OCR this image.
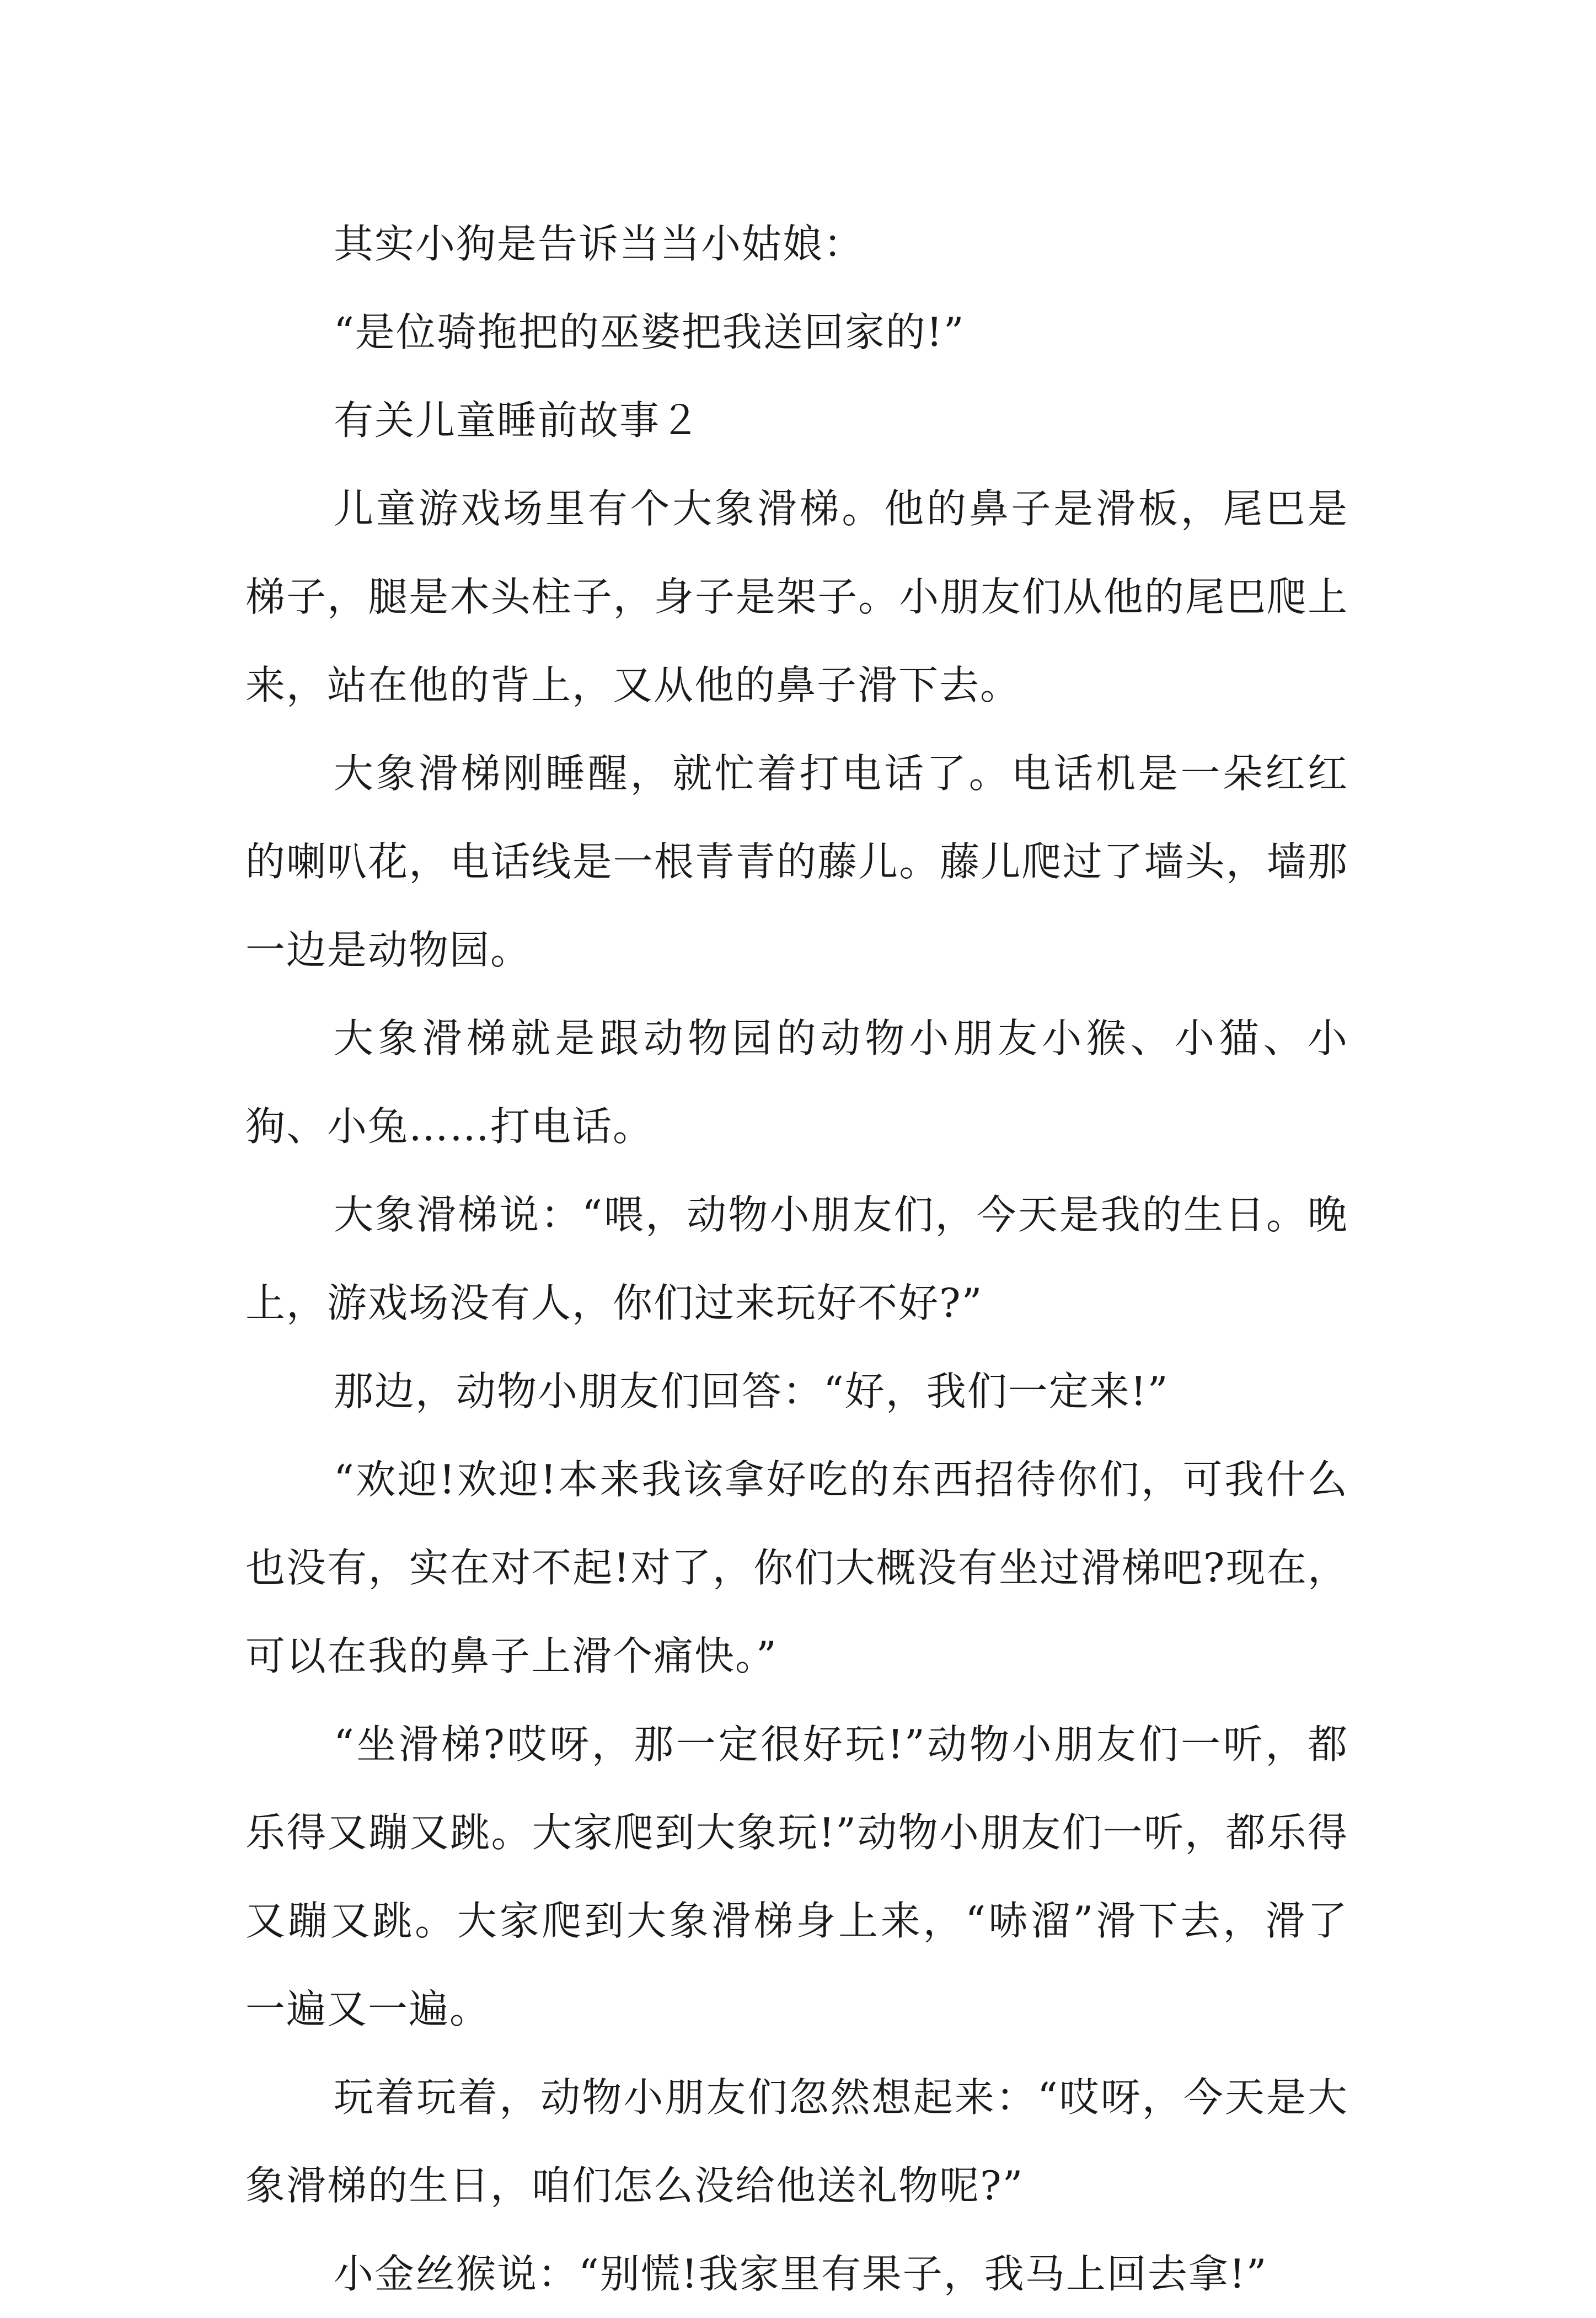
其实小狗是告诉当当小姑娘：

“是位骑拖把的巫婆把我送回家的!”

有关儿童睡前故事２

儿童游戏场里有个大象滑梯。他的鼻子是滑板，尾巴是梯子，腿是木头柱子，身子是架子。小朋友们从他的尾巴爬上来，站在他的背上，又从他的鼻子滑下去。

大象滑梯刚睡醒，就忙着打电话了。电话机是一朵红红的喇叭花，电话线是一根青青的藤儿。藤儿爬过了墙头，墙那一边是动物园。

大象滑梯就是跟动物园的动物小朋友小猴、小猫、小狗、小兔……打电话。

大象滑梯说：“喂，动物小朋友们，今天是我的生日。晚上，游戏场没有人，你们过来玩好不好?”

那边，动物小朋友们回答：“好，我们一定来!”

“欢迎!欢迎!本来我该拿好吃的东西招待你们，可我什么也没有，实在对不起!对了，你们大概没有坐过滑梯吧?现在，可以在我的鼻子上滑个痛快。”

“坐滑梯?哎呀，那一定很好玩!”动物小朋友们一听，都乐得又蹦又跳。大家爬到大象玩!”动物小朋友们一听，都乐得又蹦又跳。大家爬到大象滑梯身上来，“哧溜”滑下去，滑了一遍又一遍。

玩着玩着，动物小朋友们忽然想起来：“哎呀，今天是大象滑梯的生日，咱们怎么没给他送礼物呢?”

小金丝猴说：“别慌!我家里有果子，我马上回去拿!”
